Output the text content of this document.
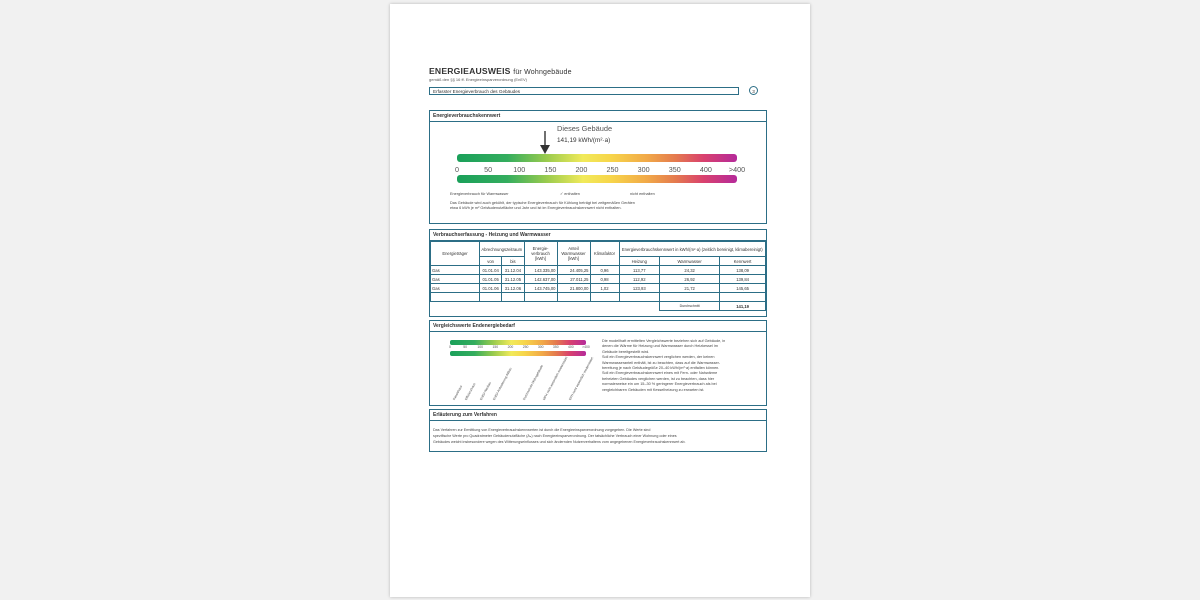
ENERGIEAUSWEIS für Wohngebäude
gemäß den §§ 16 ff. Energieeinsparverordnung (EnEV)
Erfasster Energieverbrauch des Gebäudes	3
Energieverbrauchskennwert
Dieses Gebäude
141,19 kWh/(m²·a)
0	50	100	150	200	250	300	350	400 >400
Energieverbrauch für Warmwasser	✓ enthalten	nicht enthalten
Das Gebäude wird auch gekühlt, der typische Energieverbrauch für Kühlung beträgt bei zeitgemäßen Geräten
etwa 6 kWh je m² Gebäudenutzfläche und Jahr und ist im Energieverbrauchskennwert nicht enthalten.
Verbrauchserfassung - Heizung und Warmwasser
Energieträger	Abrechnungszeitraum		Energie-verbrauch [kWh]	Anteil Warmwasser [kWh]	Klimafaktor	Energieverbrauchskennwert in kWh/(m²·a) (zeitlich bereinigt, klimabereinigt)		
	von	bis				Heizung	Warmwasser	Kennwert
Gas	01.01.04	31.12.04	143.335,00	24.405,25	0,96	113,77	24,32	138,09
Gas	01.01.05	31.12.05	142.637,00	27.011,25	0,98	112,92	26,92	139,84
Gas	01.01.06	31.12.06	143.745,00	21.800,00	1,02	123,93	21,72	145,65

							Durchschnitt	141,19
Vergleichswerte Endenergiebedarf
0	50	100	150	200	250	300	350	400 >400
Passivhaus Effizienzhaus EnEV-Neubau EnEV-Anforderung Altbau	Durchschnitt Wohngebäude
MFH nicht wesentlich modernisiert EFH nicht wesentlich modernisiert
Die modellhaft ermittelten Vergleichswerte beziehen sich auf Gebäude, in
denen die Wärme für Heizung und Warmwasser durch Heizkessel im
Gebäude bereitgestellt wird.
Soll ein Energieverbrauchskennwert verglichen werden, der keinen
Warmwasseranteil enthält, ist zu beachten, dass auf die Warmwasser-
bereitung je nach Gebäudegröße 20–40 kWh/(m²·a) entfallen können.
Soll ein Energieverbrauchskennwert eines mit Fern- oder Nahwärme
beheizten Gebäudes verglichen werden, ist zu beachten, dass hier
normalerweise ein um 15–30 % geringerer Energieverbrauch als bei
vergleichbaren Gebäuden mit Kesselheizung zu erwarten ist.
Erläuterung zum Verfahren
Das Verfahren zur Ermittlung von Energieverbrauchskennwerten ist durch die Energieeinsparverordnung vorgegeben. Die Werte sind
spezifische Werte pro Quadratmeter Gebäudenutzfläche (Aₙ) nach Energieeinsparverordnung. Der tatsächliche Verbrauch einer Wohnung oder eines
Gebäudes weicht insbesondere wegen des Witterungseinflusses und sich ändernden Nutzerverhaltens vom angegebenen Energieverbrauchskennwert ab.
